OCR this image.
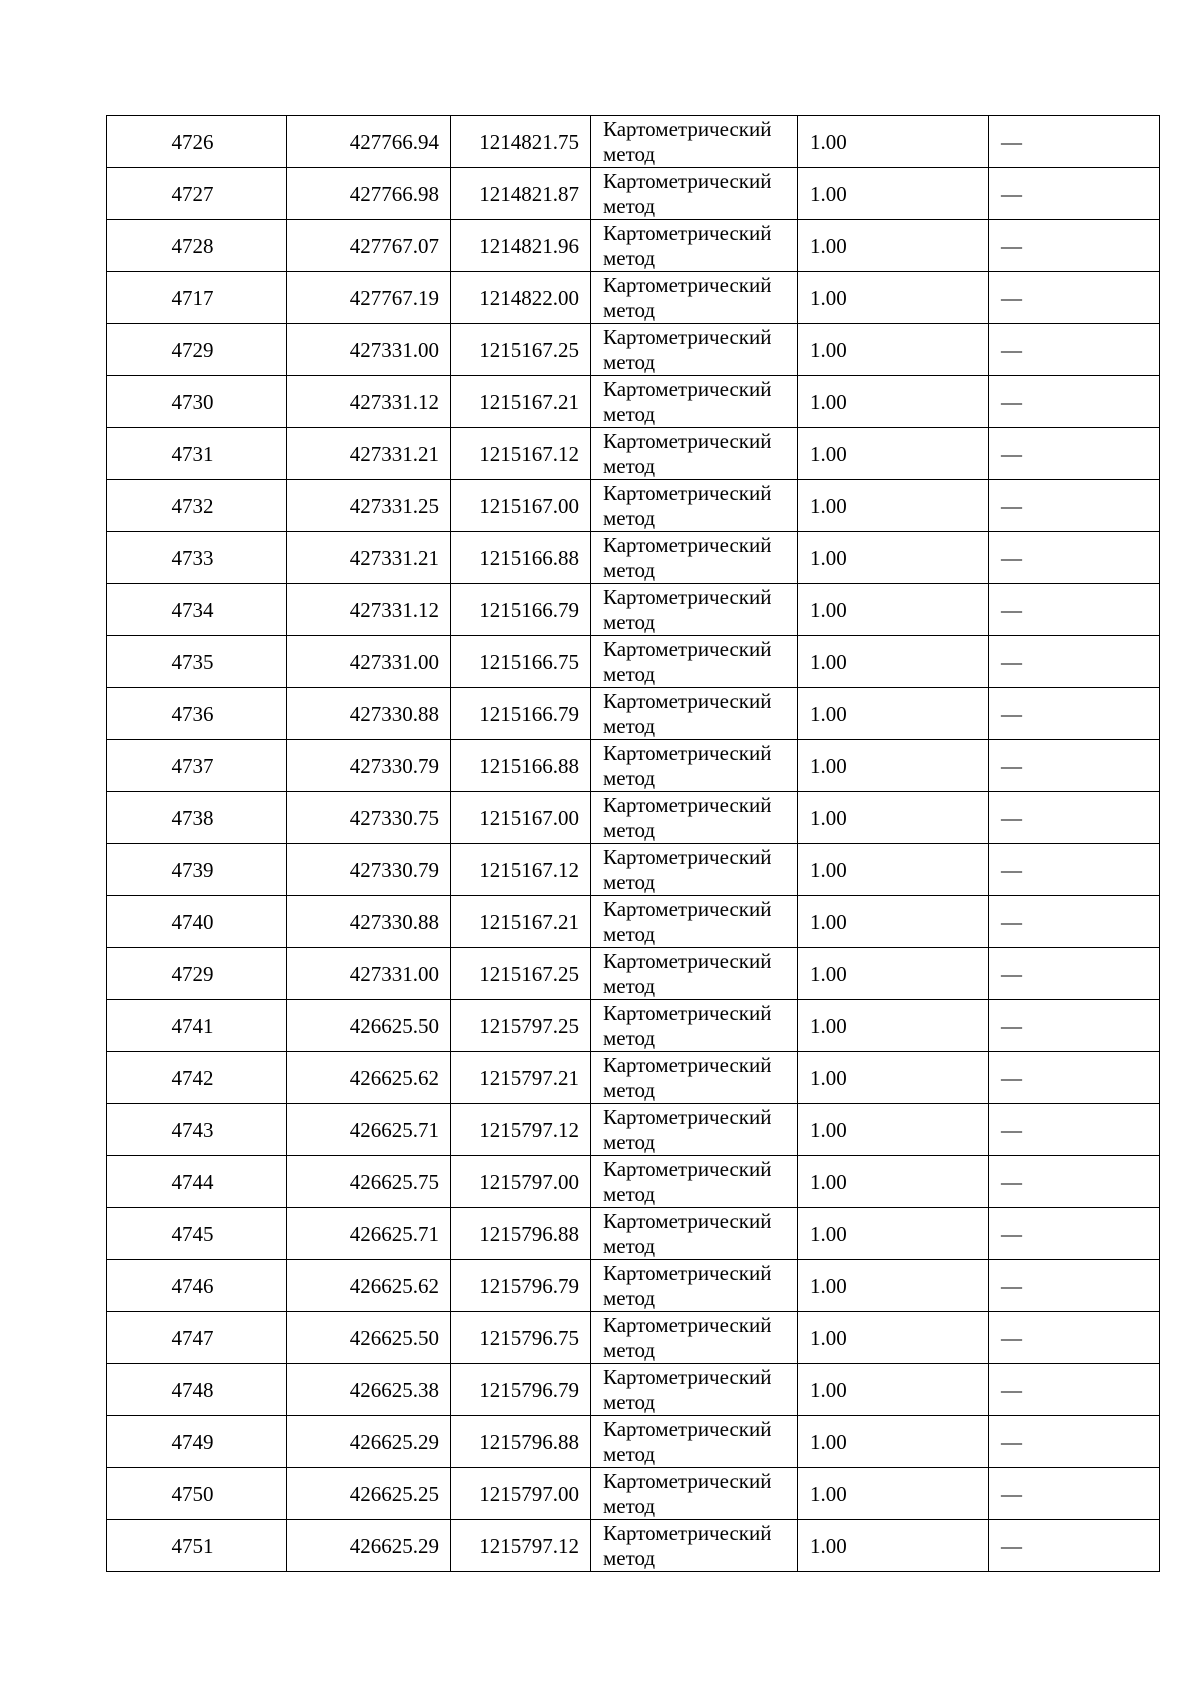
4726	427766.94	1214821.75	Картометрический метод	1.00	—
4727	427766.98	1214821.87	Картометрический метод	1.00	—
4728	427767.07	1214821.96	Картометрический метод	1.00	—
4717	427767.19	1214822.00	Картометрический метод	1.00	—
4729	427331.00	1215167.25	Картометрический метод	1.00	—
4730	427331.12	1215167.21	Картометрический метод	1.00	—
4731	427331.21	1215167.12	Картометрический метод	1.00	—
4732	427331.25	1215167.00	Картометрический метод	1.00	—
4733	427331.21	1215166.88	Картометрический метод	1.00	—
4734	427331.12	1215166.79	Картометрический метод	1.00	—
4735	427331.00	1215166.75	Картометрический метод	1.00	—
4736	427330.88	1215166.79	Картометрический метод	1.00	—
4737	427330.79	1215166.88	Картометрический метод	1.00	—
4738	427330.75	1215167.00	Картометрический метод	1.00	—
4739	427330.79	1215167.12	Картометрический метод	1.00	—
4740	427330.88	1215167.21	Картометрический метод	1.00	—
4729	427331.00	1215167.25	Картометрический метод	1.00	—
4741	426625.50	1215797.25	Картометрический метод	1.00	—
4742	426625.62	1215797.21	Картометрический метод	1.00	—
4743	426625.71	1215797.12	Картометрический метод	1.00	—
4744	426625.75	1215797.00	Картометрический метод	1.00	—
4745	426625.71	1215796.88	Картометрический метод	1.00	—
4746	426625.62	1215796.79	Картометрический метод	1.00	—
4747	426625.50	1215796.75	Картометрический метод	1.00	—
4748	426625.38	1215796.79	Картометрический метод	1.00	—
4749	426625.29	1215796.88	Картометрический метод	1.00	—
4750	426625.25	1215797.00	Картометрический метод	1.00	—
4751	426625.29	1215797.12	Картометрический метод	1.00	—
